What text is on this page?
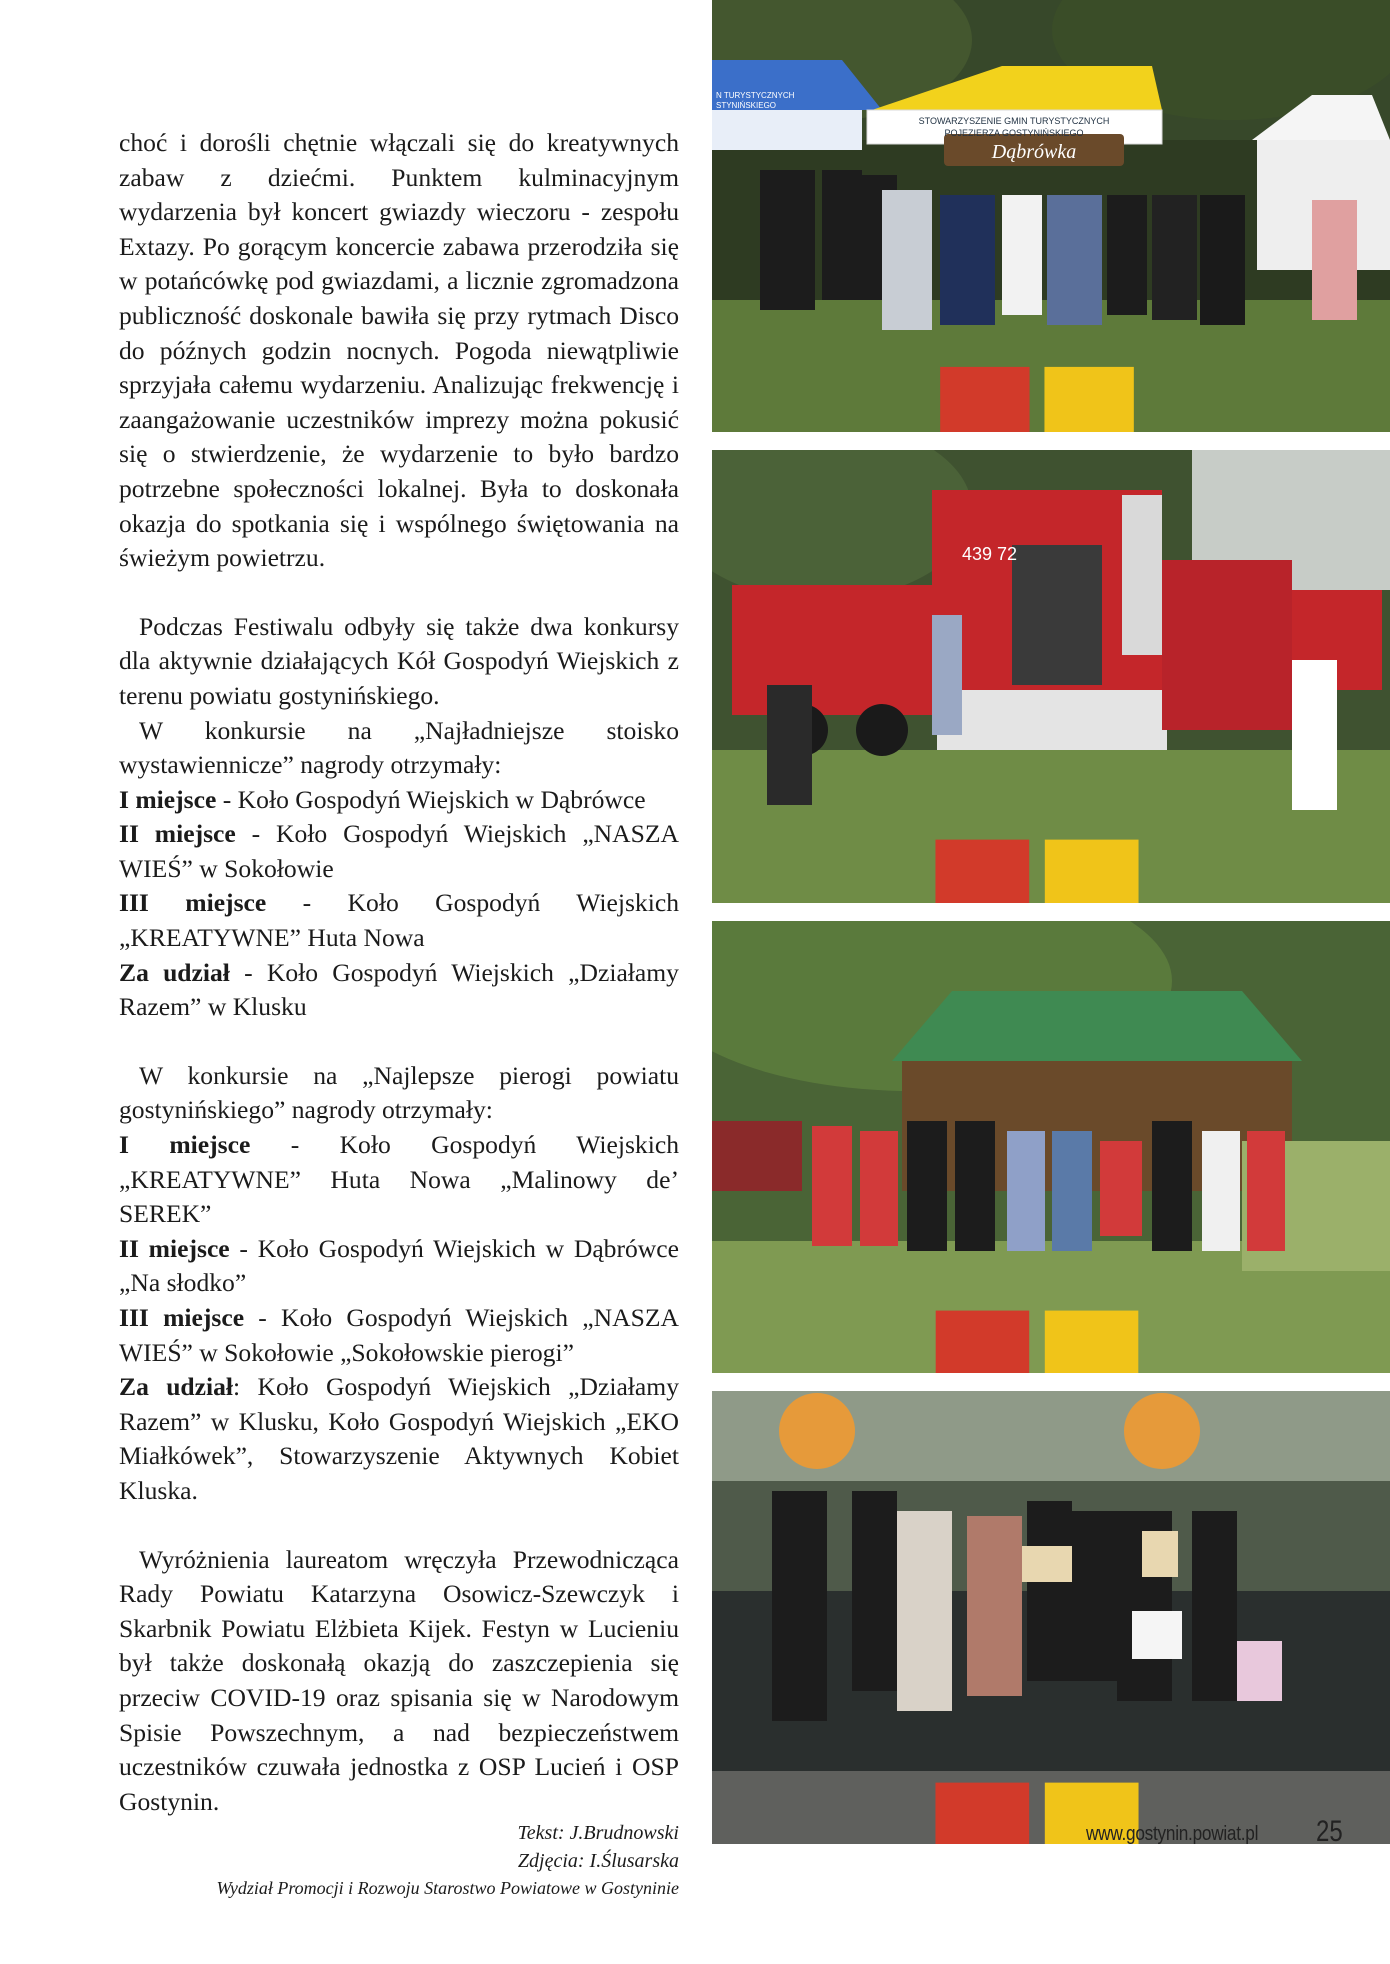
choć i dorośli chętnie włączali się do kreatywnych zabaw z dziećmi. Punktem kulminacyjnym wydarzenia był koncert gwiazdy wieczoru - zespołu Extazy. Po gorącym koncercie zabawa przerodziła się w potańcówkę pod gwiazdami, a licznie zgromadzona publiczność doskonale bawiła się przy rytmach Disco do późnych godzin nocnych. Pogoda niewątpliwie sprzyjała całemu wydarzeniu. Analizując frekwencję i zaangażowanie uczestników imprezy można pokusić się o stwierdzenie, że wydarzenie to było bardzo potrzebne społeczności lokalnej. Była to doskonała okazja do spotkania się i wspólnego świętowania na świeżym powietrzu.

Podczas Festiwalu odbyły się także dwa konkursy dla aktywnie działających Kół Gospodyń Wiejskich z terenu powiatu gostynińskiego.

W konkursie na „Najładniejsze stoisko wystawiennicze” nagrody otrzymały:

I miejsce - Koło Gospodyń Wiejskich w Dąbrówce

II miejsce - Koło Gospodyń Wiejskich „NASZA WIEŚ” w Sokołowie

III miejsce - Koło Gospodyń Wiejskich „KREATYWNE” Huta Nowa

Za udział - Koło Gospodyń Wiejskich „Działamy Razem” w Klusku

W konkursie na „Najlepsze pierogi powiatu gostynińskiego” nagrody otrzymały:

I miejsce - Koło Gospodyń Wiejskich „KREATYWNE” Huta Nowa „Malinowy de’ SEREK”

II miejsce - Koło Gospodyń Wiejskich w Dąbrówce „Na słodko”

III miejsce - Koło Gospodyń Wiejskich „NASZA WIEŚ” w Sokołowie „Sokołowskie pierogi”

Za udział: Koło Gospodyń Wiejskich „Działamy Razem” w Klusku, Koło Gospodyń Wiejskich „EKO Miałkówek”, Stowarzyszenie Aktywnych Kobiet Kluska.

Wyróżnienia laureatom wręczyła Przewodnicząca Rady Powiatu Katarzyna Osowicz-Szewczyk i Skarbnik Powiatu Elżbieta Kijek. Festyn w Lucieniu był także doskonałą okazją do zaszczepienia się przeciw COVID-19 oraz spisania się w Narodowym Spisie Powszechnym, a nad bezpieczeństwem uczestników czuwała jednostka z OSP Lucień i OSP Gostynin.

Tekst: J.Brudnowski
Zdjęcia: I.Ślusarska
Wydział Promocji i Rozwoju Starostwo Powiatowe w Gostyninie
STOWARZYSZENIE GMIN TURYSTYCZNYCH
POJEZIERZA GOSTYNIŃSKIEGO
Dąbrówka
N TURYSTYCZNYCH
STYNIŃSKIEGO
439 72
www.gostynin.powiat.pl 25
